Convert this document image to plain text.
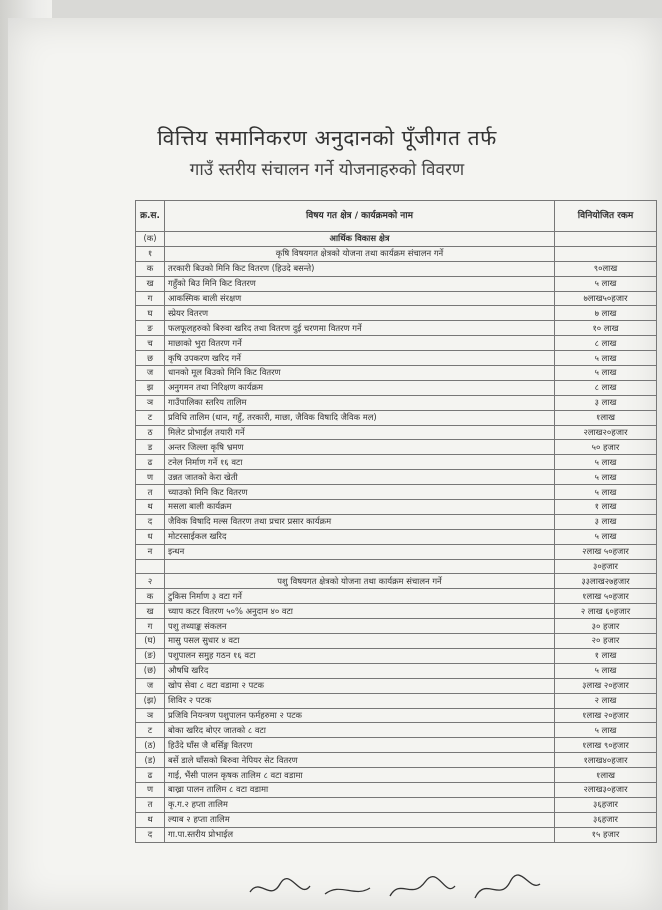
वित्तिय समानिकरण अनुदानको पूँजीगत तर्फ
गाउँ स्तरीय संचालन गर्ने योजनाहरुको विवरण
क्र.स.	विषय गत क्षेत्र / कार्यक्रमको नाम	विनियोजित रकम
(क)	आर्थिक विकास क्षेत्र	
१	कृषि विषयगत क्षेत्रको योजना तथा कार्यक्रम संचालन गर्ने	
क	तरकारी बिउको मिनि किट वितरण (हिउदे बसन्ते)	९०लाख
ख	गहुँको बिउ मिनि किट वितरण	५ लाख
ग	आकस्मिक बाली संरक्षण	७लाख५०हजार
घ	स्प्रेयर वितरण	७ लाख
ङ	फलफूलहरुको बिरुवा खरिद तथा वितरण दुई चरणमा वितरण गर्ने	१० लाख
च	माछाको भुरा वितरण गर्ने	८ लाख
छ	कृषि उपकरण खरिद गर्ने	५ लाख
ज	धानको मूल बिउको मिनि किट वितरण	५ लाख
झ	अनुगमन तथा निरिक्षण कार्यक्रम	८ लाख
ञ	गाउँपालिका स्तरिय तालिम	३ लाख
ट	प्रविधि तालिम (धान, गहुँ, तरकारी, माछा, जैविक विषादि जैविक मल)	१लाख
ठ	मिलेट प्रोभाईल तयारी गर्ने	२लाख२०हजार
ड	अन्तर जिल्ला कृषि भ्रमण	५० हजार
ढ	टनेल निर्माण गर्ने १६ वटा	५ लाख
ण	उन्नत जातको केरा खेती	५ लाख
त	च्याउको मिनि किट वितरण	५ लाख
थ	मसला बाली कार्यक्रम	१ लाख
द	जैविक विषादि मल्स वितरण तथा प्रचार प्रसार कार्यक्रम	३ लाख
ध	मोटरसाईकल खरिद	५ लाख
न	इन्धन	२लाख ५०हजार
		३०हजार
२	पशु विषयगत क्षेत्रको योजना तथा कार्यक्रम संचालन गर्ने	३३लाख२७हजार
क	टुकिस निर्माण ३ वटा गर्ने	१लाख ५०हजार
ख	च्याप कटर वितरण ५०% अनुदान ४० वटा	२ लाख ६०हजार
ग	पशु तथ्याङ्क संकलन	३० हजार
(घ)	मासु पसल सुधार ४ वटा	२० हजार
(ङ)	पशुपालन समुह गठन १६ वटा	१ लाख
(छ)	औषधि खरिद	५ लाख
ज	खोप सेवा ८ वटा वडामा २ पटक	३लाख २०हजार
(झ)	शिविर २ पटक	२ लाख
ञ	प्रजिवि नियन्त्रण पशुपालन फर्महरुमा २ पटक	१लाख २०हजार
ट	बोका खरिद बोएर जातको ८ वटा	५ लाख
(ठ)	हिउँदे घाँस जै बर्सिङ्ग वितरण	१लाख ९०हजार
(ड)	बर्से डाले घाँसको बिरुवा नेपियर सेट वितरण	१लाख४०हजार
ढ	गाई, भैंसी पालन कृषक तालिम ८ वटा वडामा	१लाख
ण	बाख्रा पालन तालिम ८ वटा वडामा	२लाख३०हजार
त	कृ.ग.२ हप्ता तालिम	३६हजार
थ	ल्याब २ हप्ता तालिम	३६हजार
द	गा.पा.स्तरीय प्रोभाईल	१५ हजार
